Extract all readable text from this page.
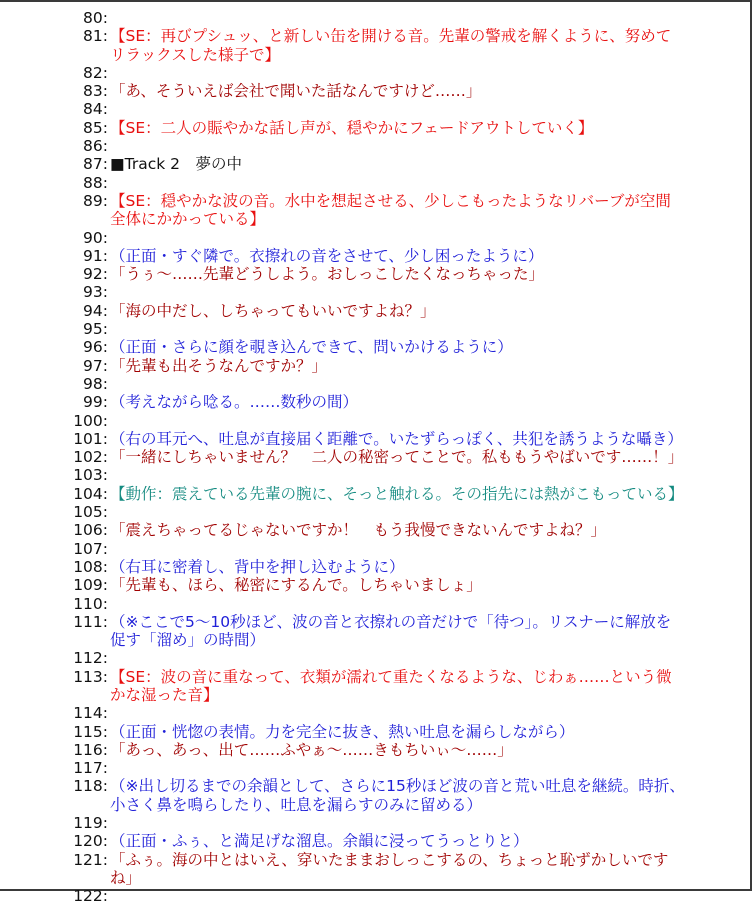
80:
81: 【SE：再びプシュッ、と新しい缶を開ける音。先輩の警戒を解くように、努めてリラックスした様子で】
82:
83: 「あ、そういえば会社で聞いた話なんですけど……」
84:
85: 【SE：二人の賑やかな話し声が、穏やかにフェードアウトしていく】
86:
87: ■Track 2　夢の中
88:
89: 【SE：穏やかな波の音。水中を想起させる、少しこもったようなリバーブが空間全体にかかっている】
90:
91: （正面・すぐ隣で。衣擦れの音をさせて、少し困ったように）
92: 「うぅ～……先輩どうしよう。おしっこしたくなっちゃった」
93:
94: 「海の中だし、しちゃってもいいですよね？」
95:
96: （正面・さらに顔を覗き込んできて、問いかけるように）
97: 「先輩も出そうなんですか？」
98:
99: （考えながら唸る。……数秒の間）
100:
101: （右の耳元へ、吐息が直接届く距離で。いたずらっぽく、共犯を誘うような囁き）
102: 「一緒にしちゃいません？　二人の秘密ってことで。私ももうやばいです……！」
103:
104: 【動作：震えている先輩の腕に、そっと触れる。その指先には熱がこもっている】
105:
106: 「震えちゃってるじゃないですか！　もう我慢できないんですよね？」
107:
108: （右耳に密着し、背中を押し込むように）
109: 「先輩も、ほら、秘密にするんで。しちゃいましょ」
110:
111: （※ここで5～10秒ほど、波の音と衣擦れの音だけで「待つ」。リスナーに解放を促す「溜め」の時間）
112:
113: 【SE：波の音に重なって、衣類が濡れて重たくなるような、じわぁ……という微かな湿った音】
114:
115: （正面・恍惚の表情。力を完全に抜き、熱い吐息を漏らしながら）
116: 「あっ、あっ、出て……ふやぁ～……きもちいぃ～……」
117:
118: （※出し切るまでの余韻として、さらに15秒ほど波の音と荒い吐息を継続。時折、小さく鼻を鳴らしたり、吐息を漏らすのみに留める）
119:
120: （正面・ふぅ、と満足げな溜息。余韻に浸ってうっとりと）
121: 「ふぅ。海の中とはいえ、穿いたままおしっこするの、ちょっと恥ずかしいですね」
122:
